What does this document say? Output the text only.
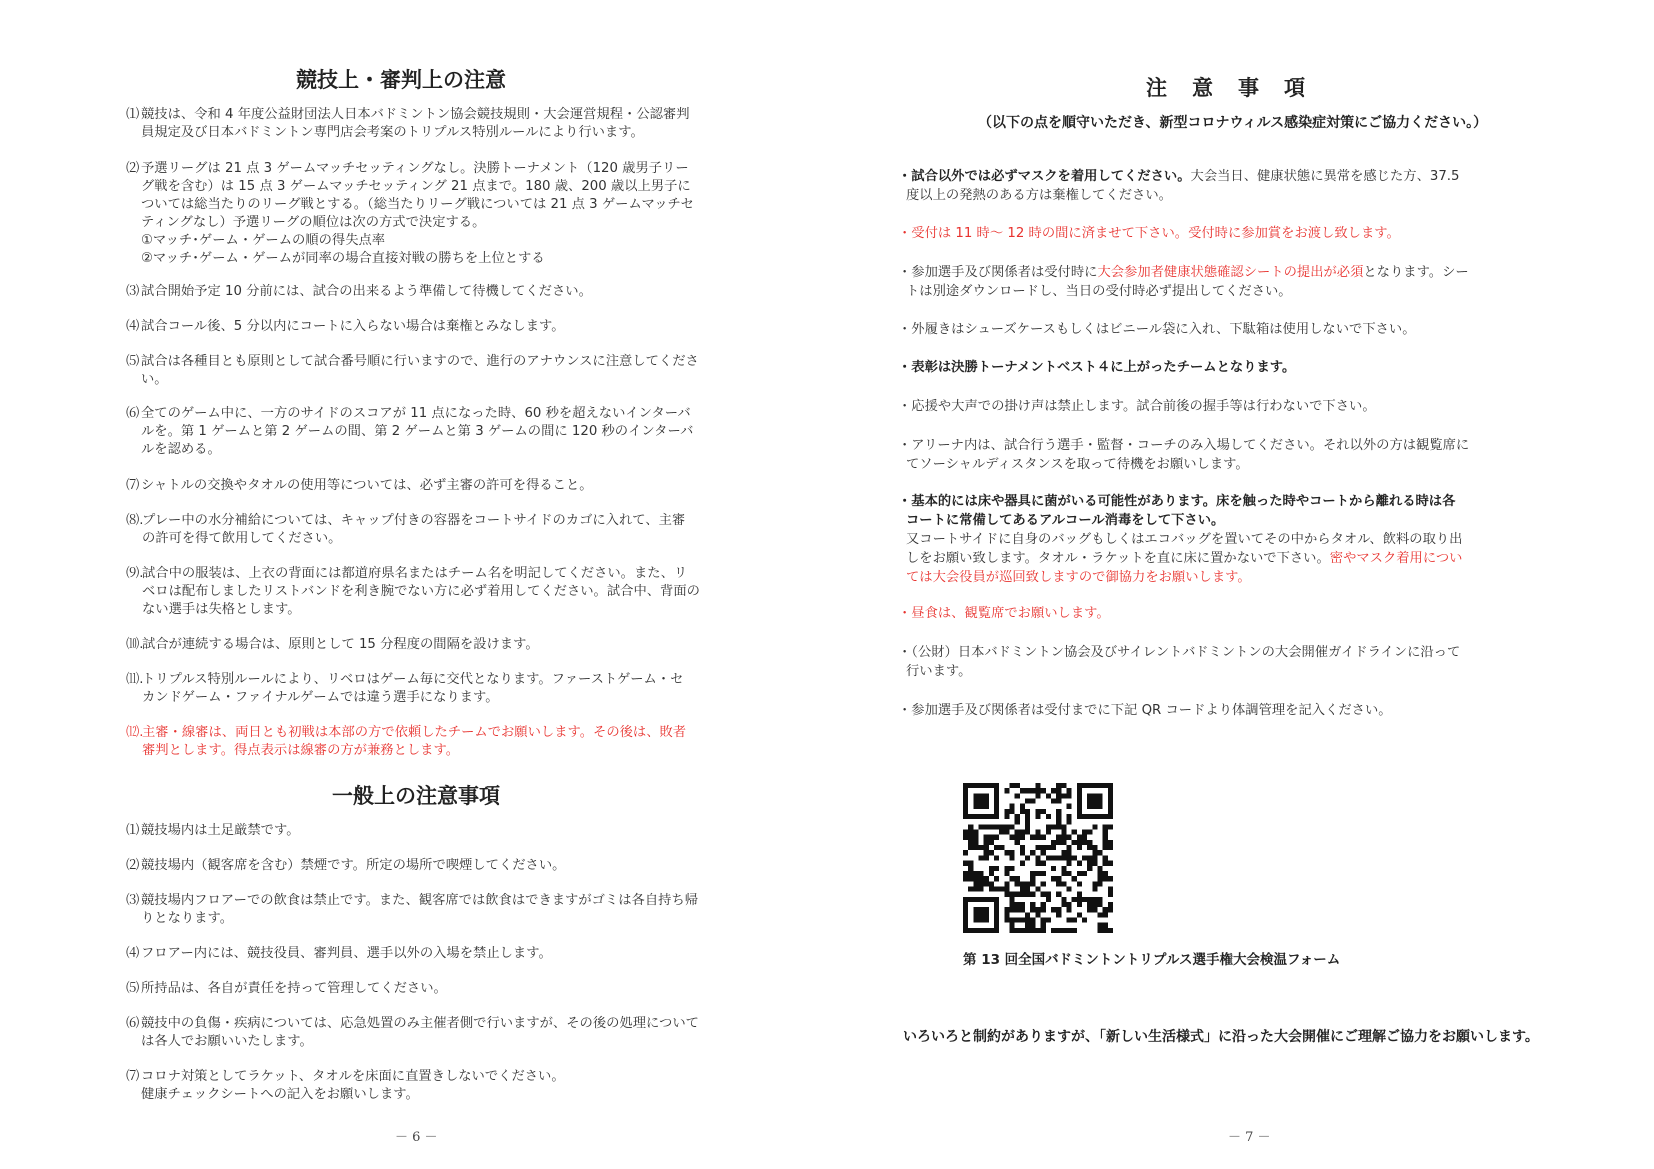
競技上・審判上の注意
⑴ 競技は、令和 4 年度公益財団法人日本バドミントン協会競技規則・大会運営規程・公認審判
員規定及び日本バドミントン専門店会考案のトリプルス特別ルールにより行います。
⑵ 予選リーグは 21 点 3 ゲームマッチセッティングなし。決勝トーナメント（120 歳男子リー
グ戦を含む）は 15 点 3 ゲームマッチセッティング 21 点まで。180 歳、200 歳以上男子に
ついては総当たりのリーグ戦とする。（総当たりリーグ戦については 21 点 3 ゲームマッチセ
ティングなし）予選リーグの順位は次の方式で決定する。
①マッチ･ゲーム・ゲームの順の得失点率
②マッチ･ゲーム・ゲームが同率の場合直接対戦の勝ちを上位とする
⑶ 試合開始予定 10 分前には、試合の出来るよう準備して待機してください。
⑷ 試合コール後、5 分以内にコートに入らない場合は棄権とみなします。
⑸ 試合は各種目とも原則として試合番号順に行いますので、進行のアナウンスに注意してくださ
い。
⑹ 全てのゲーム中に、一方のサイドのスコアが 11 点になった時、60 秒を超えないインターバ
ルを。第 1 ゲームと第 2 ゲームの間、第 2 ゲームと第 3 ゲームの間に 120 秒のインターバ
ルを認める。
⑺ シャトルの交換やタオルの使用等については、必ず主審の許可を得ること。
⑻.
プレー中の水分補給については、キャップ付きの容器をコートサイドのカゴに入れて、主審
の許可を得て飲用してください。
⑼.
試合中の服装は、上衣の背面には都道府県名またはチーム名を明記してください。また、リ
ベロは配布しましたリストバンドを利き腕でない方に必ず着用してください。試合中、背面の
ない選手は失格とします。
⑽.
試合が連続する場合は、原則として 15 分程度の間隔を設けます。
⑾.
トリプルス特別ルールにより、リベロはゲーム毎に交代となります。ファーストゲーム・セ
カンドゲーム・ファイナルゲームでは違う選手になります。
⑿.
主審・線審は、両日とも初戦は本部の方で依頼したチームでお願いします。その後は、敗者
審判とします。得点表示は線審の方が兼務とします。
一般上の注意事項
⑴ 競技場内は土足厳禁です。
⑵ 競技場内（観客席を含む）禁煙です。所定の場所で喫煙してください。
⑶ 競技場内フロアーでの飲食は禁止です。また、観客席では飲食はできますがゴミは各自持ち帰
りとなります。
⑷ フロアー内には、競技役員、審判員、選手以外の入場を禁止します。
⑸ 所持品は、各自が責任を持って管理してください。
⑹ 競技中の負傷・疾病については、応急処置のみ主催者側で行いますが、その後の処理について
は各人でお願いいたします。
⑺ コロナ対策としてラケット、タオルを床面に直置きしないでください。
健康チェックシートへの記入をお願いします。
－ 6 －
注　意　事　項
（以下の点を順守いただき、新型コロナウィルス感染症対策にご協力ください。）
・試合以外では必ずマスクを着用してください。大会当日、健康状態に異常を感じた方、37.5
度以上の発熱のある方は棄権してください。
・受付は 11 時～ 12 時の間に済ませて下さい。受付時に参加賞をお渡し致します。
・参加選手及び関係者は受付時に大会参加者健康状態確認シートの提出が必須となります。シー
トは別途ダウンロードし、当日の受付時必ず提出してください。
・外履きはシューズケースもしくはビニール袋に入れ、下駄箱は使用しないで下さい。
・表彰は決勝トーナメントベスト４に上がったチームとなります。
・応援や大声での掛け声は禁止します。試合前後の握手等は行わないで下さい。
・アリーナ内は、試合行う選手・監督・コーチのみ入場してください。それ以外の方は観覧席に
てソーシャルディスタンスを取って待機をお願いします。
・基本的には床や器具に菌がいる可能性があります。床を触った時やコートから離れる時は各
コートに常備してあるアルコール消毒をして下さい。
又コートサイドに自身のバッグもしくはエコバッグを置いてその中からタオル、飲料の取り出
しをお願い致します。タオル・ラケットを直に床に置かないで下さい。密やマスク着用につい
ては大会役員が巡回致しますので御協力をお願いします。
・昼食は、観覧席でお願いします。
・（公財）日本バドミントン協会及びサイレントバドミントンの大会開催ガイドラインに沿って
行います。
・参加選手及び関係者は受付までに下記 QR コードより体調管理を記入ください。
第 13 回全国バドミントントリプルス選手権大会検温フォーム
いろいろと制約がありますが、「新しい生活様式」に沿った大会開催にご理解ご協力をお願いします。
－ 7 －
